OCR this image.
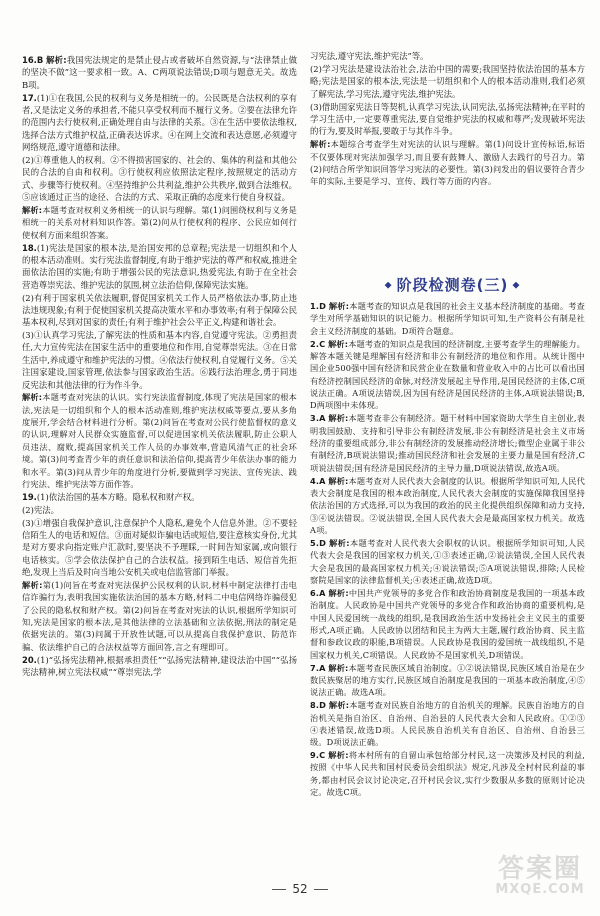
16.B 解析:我国宪法规定的是禁止侵占或者破坏自然资源,与“法律禁止做的坚决不做”这一要求相一致。A、C两项说法错误;D项与题意无关。故选B项。

17.(1)①在我国,公民的权利与义务是相统一的。公民既是合法权利的享有者,又是法定义务的承担者,不能只享受权利而不履行义务。②要在法律允许的范围内去行使权利,正确处理自由与法律的关系。③在生活中要依法维权,选择合法方式维护权益,正确表达诉求。④在网上交流和表达意愿,必须遵守网络规范,遵守道德和法律。

(2)①尊重他人的权利。②不得损害国家的、社会的、集体的利益和其他公民的合法的自由和权利。③行使权利应依照法定程序,按照规定的活动方式、步骤等行使权利。④坚持维护公共利益,维护公共秩序,做到合法维权。⑤应该通过正当的途径、合法的方式、采取正确的态度来行使自身权益。

解析:本题考查对权利义务相统一的认识与理解。第(1)问围绕权利与义务是相统一的关系对材料知识作答。第(2)问从行使权利的程序、公民应如何行使权利方面来组织答案。

18.(1)宪法是国家的根本法,是治国安邦的总章程;宪法是一切组织和个人的根本活动准则。实行宪法监督制度,有助于维护宪法的尊严和权威,推进全面依法治国的实施;有助于增强公民的宪法意识,热爱宪法,有助于在全社会营造尊崇宪法、维护宪法的氛围,树立法治信仰,保障宪法实施。

(2)有利于国家机关依法履职,督促国家机关工作人员严格依法办事,防止违法违规现象;有利于促使国家机关提高决策水平和办事效率;有利于保障公民基本权利,尽到对国家的责任;有利于维护社会公平正义,构建和谐社会。

(3)①认真学习宪法,了解宪法的性质和基本内容,自觉遵守宪法。②勇担责任,大力宣传宪法在国家生活中的重要地位和作用,自觉尊崇宪法。③在日常生活中,养成遵守和维护宪法的习惯。④依法行使权利,自觉履行义务。⑤关注国家建设,国家管理,依法参与国家政治生活。⑥践行法治理念,勇于同违反宪法和其他法律的行为作斗争。

解析:本题考查对宪法的认识。实行宪法监督制度,体现了宪法是国家的根本法,宪法是一切组织和个人的根本活动准则,维护宪法权威等要点,要从多角度展开,学会结合材料进行分析。第(2)问旨在考查对公民行使监督权的意义的认识,理解对人民群众实施监督,可以促进国家机关依法履职,防止公职人员违法、腐败,提高国家机关工作人员的办事效率,营造风清气正的社会环境。第(3)问考查青少年的责任意识和法治信仰,提高青少年依法办事的能力和水平。第(3)问从青少年的角度进行分析,要做到学习宪法、宣传宪法、践行宪法、维护宪法等方面作答。

19.(1)依法治国的基本方略。隐私权和财产权。

(2)宪法。

(3)①增强自我保护意识,注意保护个人隐私,避免个人信息外泄。②不要轻信陌生人的电话和短信。③面对疑似诈骗电话或短信,要注意核实身份,尤其是对方要求向指定账户汇款时,要坚决不予理睬,一时间告知家属,或向银行电话核实。⑤学会依法保护自己的合法权益。接到陌生电话、短信首先拒绝,发现上当后及时向当地公安机关或电信监管部门举报。

解析:第(1)问旨在考查对宪法保护公民权利的认识,材料中制定法律打击电信诈骗行为,表明我国实施依法治国的基本方略,材料二中电信网络诈骗侵犯了公民的隐私权和财产权。第(2)问旨在考查对宪法的认识,根据所学知识可知,宪法是国家的根本法,是其他法律的立法基础和立法依据,刑法的制定是依据宪法的。第(3)问属于开放性试题,可以从提高自我保护意识、防范诈骗、依法维护自己的合法权益等方面回答,言之有理即可。

20.(1)“弘扬宪法精神,根据承担责任”“弘扬宪法精神,建设法治中国”“弘扬宪法精神,树立宪法权威”“尊崇宪法,学

习宪法,遵守宪法,维护宪法”等。

(2)学习宪法是建设法治社会,法治中国的需要;我国坚持依法治国的基本方略;宪法是国家的根本法,宪法是一切组织和个人的根本活动准则,我们必须了解宪法,学习宪法,遵守宪法,维护宪法。

(3)借助国家宪法日等契机,认真学习宪法,认同宪法,弘扬宪法精神;在平时的学习生活中,一定要尊重宪法,要自觉维护宪法的权威和尊严;发现破坏宪法的行为,要及时举报,要敢于与其作斗争。

解析:本题综合考查学生对宪法的认识与理解。第(1)问设计宣传标语,标语不仅要体现对宪法加强学习,而且要有鼓舞人、激励人去践行的号召力。第(2)问结合所学知识回答学习宪法的必要性。第(3)问发出的倡议要符合青少年的实际,主要是学习、宣传、践行等方面的内容。

◆ 阶段检测卷(三) ◆

1.D 解析:本题考查的知识点是我国的社会主义基本经济制度的基础。考查学生对所学基础知识的识记能力。根据所学知识可知,生产资料公有制是社会主义经济制度的基础。D项符合题意。

2.C 解析:本题考查的知识点是我国的经济制度,主要考查学生的理解能力。解答本题关键是理解国有经济和非公有制经济的地位和作用。从统计图中国企业500强中国有经济和民营企业在数量和营业收入中的占比可以看出国有经济控制国民经济的命脉,对经济发展起主导作用,是国民经济的主体,C项说法正确。A项说法错误,因为国有经济是国民经济的主体,A项说法错误;B,D两项图中未体现。

3.A 解析:本题考查非公有制经济。题干材料中国家资助大学生自主创业,表明我国鼓励、支持和引导非公有制经济发展,非公有制经济是社会主义市场经济的重要组成部分,非公有制经济的发展推动经济增长;微型企业属于非公有制经济,B项说法错误;推动国民经济和社会发展的主要力量是国有经济,C项说法错误;国有经济是国民经济的主导力量,D项说法错误,故选A项。

4.A 解析:本题考查对人民代表大会制度的认识。根据所学知识可知,人民代表大会制度是我国的根本政治制度,人民代表大会制度的实施保障我国坚持依法治国的方式选择,可以为我国的政治的民主化提供组织保障和动力支持,③④说法错误。②说法错误,全国人民代表大会是最高国家权力机关。故选A项。

5.D 解析:本题考查对人民代表大会职权的认识。根据所学知识可知,人民代表大会是我国的国家权力机关,①③表述正确,②说法错误,全国人民代表大会是我国的最高国家权力机关;④说法错误;⑤A项说法错误,排除;人民检察院是国家的法律监督机关;④表述正确,故选D项。

6.A 解析:中国共产党领导的多党合作和政治协商制度是我国的一项基本政治制度。人民政协是中国共产党领导的多党合作和政治协商的重要机构,是中国人民爱国统一战线的组织,是我国政治生活中发扬社会主义民主的重要形式,A项正确。人民政协以团结和民主为两大主题,履行政治协商、民主监督和参政议政的职能,B项错误。人民政协是我国的爱国统一战线组织,不是国家权力机关,C项错误。人民政协不是国家机关,D项错误。

7.A 解析:本题考查民族区域自治制度。①②说法错误,民族区域自治是在少数民族聚居的地方实行,民族区域自治制度是我国的一项基本政治制度,④⑤说法正确。故选A项。

8.D 解析:本题考查对民族自治地方的自治机关的理解。民族自治地方的自治机关是指自治区、自治州、自治县的人民代表大会和人民政府。①②③④表述错误,故选D项。人民民族自治机关有自治区、自治州、自治县三级。D项说法正确。

9.C 解析:将本村所有的自留山承包给部分村民,这一决策涉及村民的利益,按照《中华人民共和国村民委员会组织法》规定,凡涉及全村村民利益的事务,都由村民会议讨论决定,召开村民会议,实行少数服从多数的原则讨论决定。故选C项。

52
答案圈
MXQE.COM
